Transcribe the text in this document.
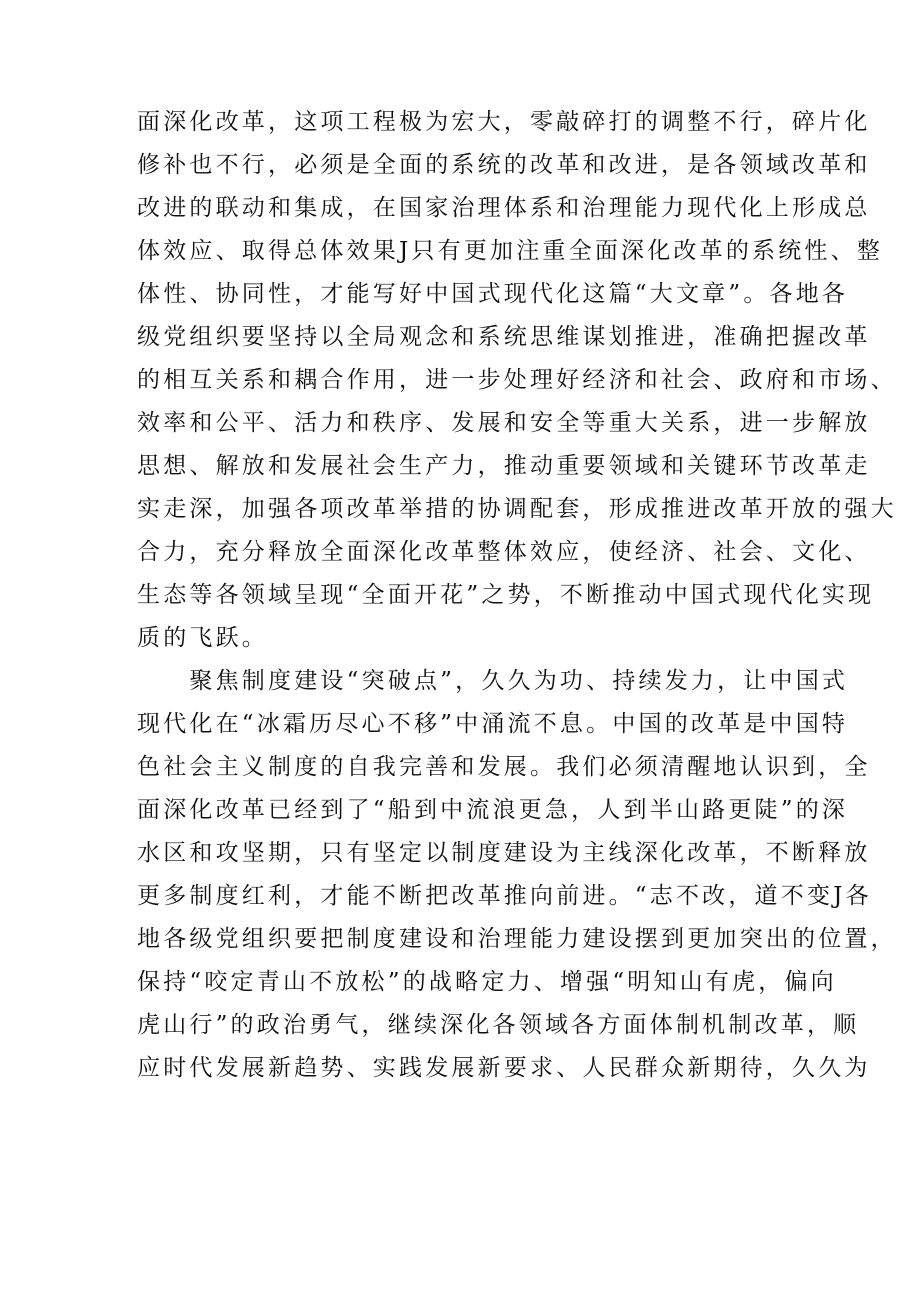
面深化改革，这项工程极为宏大，零敲碎打的调整不行，碎片化
修补也不行，必须是全面的系统的改革和改进，是各领域改革和
改进的联动和集成，在国家治理体系和治理能力现代化上形成总
体效应、取得总体效果J只有更加注重全面深化改革的系统性、整
体性、协同性，才能写好中国式现代化这篇“大文章”。各地各
级党组织要坚持以全局观念和系统思维谋划推进，准确把握改革
的相互关系和耦合作用，进一步处理好经济和社会、政府和市场、
效率和公平、活力和秩序、发展和安全等重大关系，进一步解放
思想、解放和发展社会生产力，推动重要领域和关键环节改革走
实走深，加强各项改革举措的协调配套，形成推进改革开放的强大
合力，充分释放全面深化改革整体效应，使经济、社会、文化、
生态等各领域呈现“全面开花”之势，不断推动中国式现代化实现
质的飞跃。
　　聚焦制度建设“突破点”，久久为功、持续发力，让中国式
现代化在“冰霜历尽心不移”中涌流不息。中国的改革是中国特
色社会主义制度的自我完善和发展。我们必须清醒地认识到，全
面深化改革已经到了“船到中流浪更急，人到半山路更陡”的深
水区和攻坚期，只有坚定以制度建设为主线深化改革，不断释放
更多制度红利，才能不断把改革推向前进。“志不改，道不变J各
地各级党组织要把制度建设和治理能力建设摆到更加突出的位置，
保持“咬定青山不放松”的战略定力、增强“明知山有虎，偏向
虎山行”的政治勇气，继续深化各领域各方面体制机制改革，顺
应时代发展新趋势、实践发展新要求、人民群众新期待，久久为
